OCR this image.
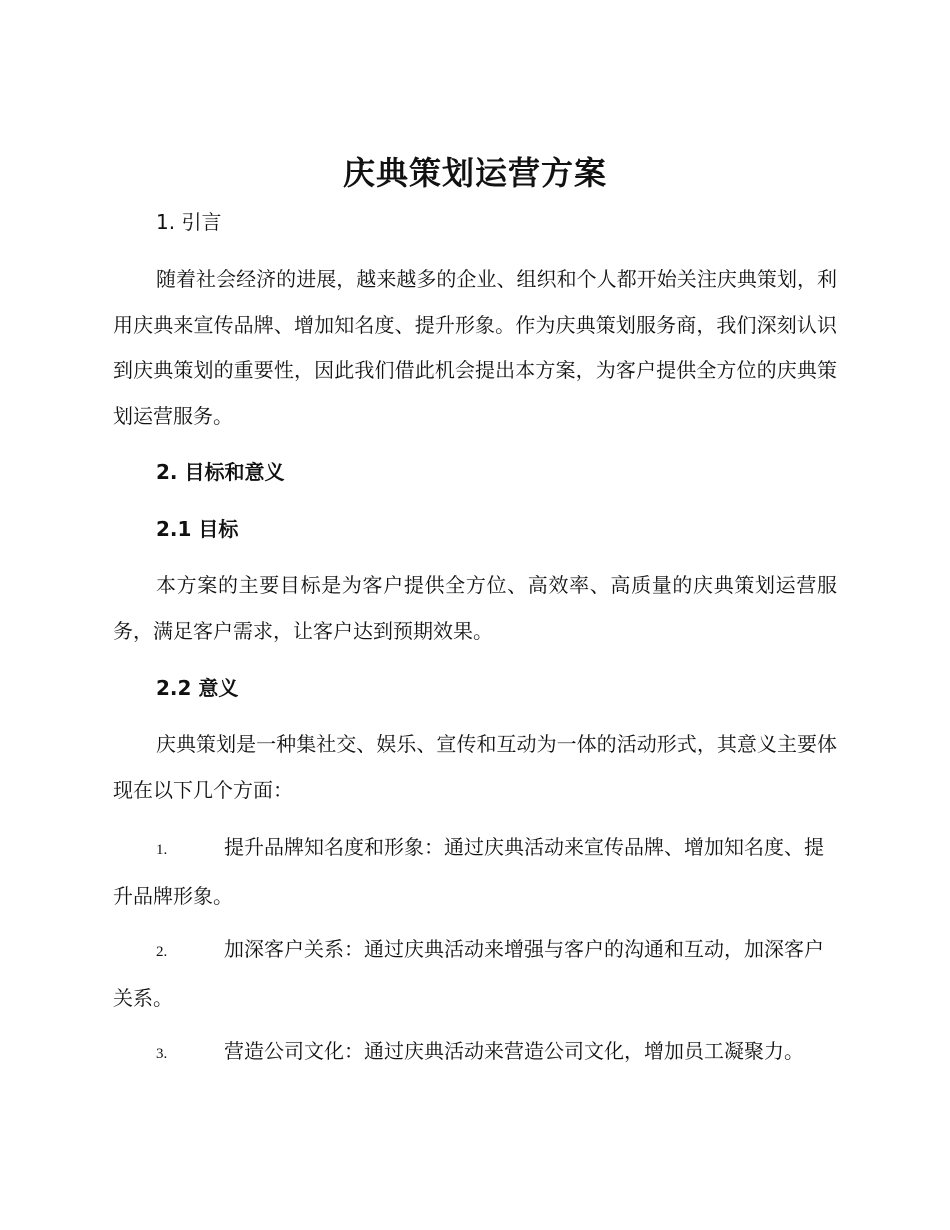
庆典策划运营方案
1. 引言

随着社会经济的进展，越来越多的企业、组织和个人都开始关注庆典策划，利用庆典来宣传品牌、增加知名度、提升形象。作为庆典策划服务商，我们深刻认识到庆典策划的重要性，因此我们借此机会提出本方案，为客户提供全方位的庆典策划运营服务。

2. 目标和意义
2.1 目标

本方案的主要目标是为客户提供全方位、高效率、高质量的庆典策划运营服务，满足客户需求，让客户达到预期效果。

2.2 意义

庆典策划是一种集社交、娱乐、宣传和互动为一体的活动形式，其意义主要体现在以下几个方面：

1.	提升品牌知名度和形象：通过庆典活动来宣传品牌、增加知名度、提升品牌形象。

2.	加深客户关系：通过庆典活动来增强与客户的沟通和互动，加深客户关系。

3.	营造公司文化：通过庆典活动来营造公司文化，增加员工凝聚力。
